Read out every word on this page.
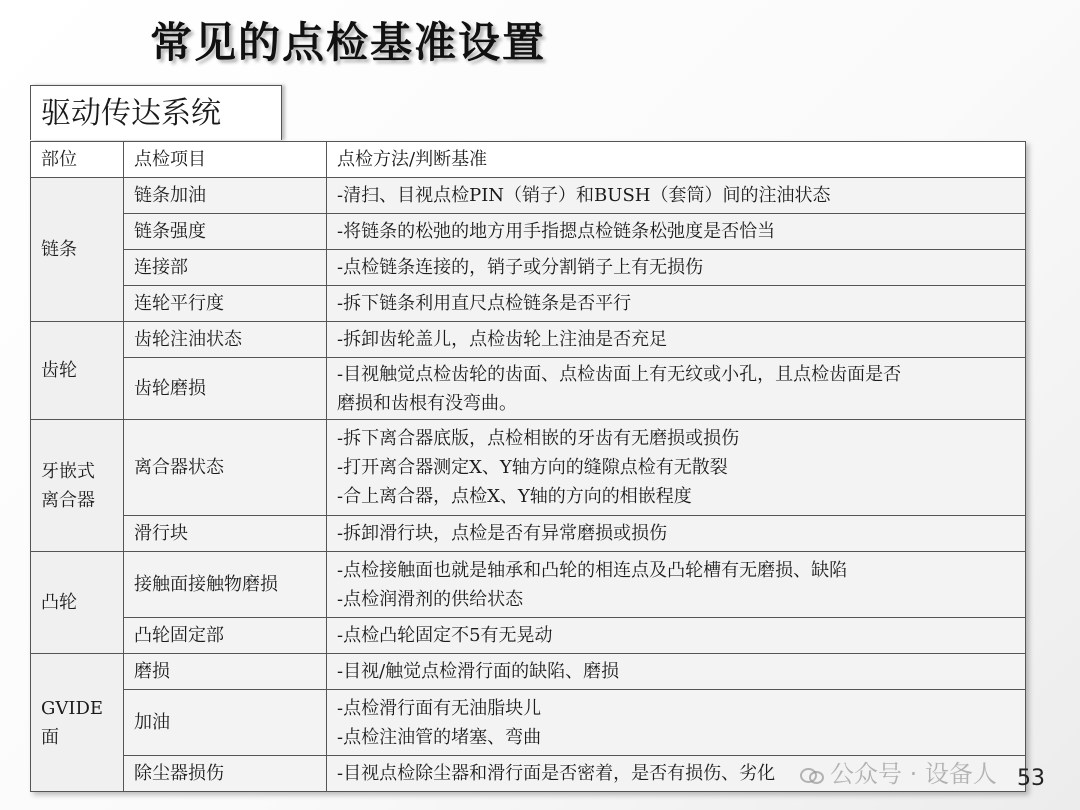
常见的点检基准设置
驱动传达系统
部位	点检项目	点检方法/判断基准
链条	链条加油	-清扫、目视点检PIN（销子）和BUSH（套筒）间的注油状态

	链条强度	-将链条的松弛的地方用手指摁点检链条松弛度是否恰当

	连接部	-点检链条连接的，销子或分割销子上有无损伤

	连轮平行度	-拆下链条利用直尺点检链条是否平行

齿轮	齿轮注油状态	-拆卸齿轮盖儿，点检齿轮上注油是否充足

	齿轮磨损	-目视触觉点检齿轮的齿面、点检齿面上有无纹或小孔，且点检齿面是否
磨损和齿根有没弯曲。

牙嵌式
离合器	离合器状态	-拆下离合器底版，点检相嵌的牙齿有无磨损或损伤
-打开离合器测定X、Y轴方向的缝隙点检有无散裂
-合上离合器，点检X、Y轴的方向的相嵌程度

	滑行块	-拆卸滑行块，点检是否有异常磨损或损伤

凸轮	接触面接触物磨损	-点检接触面也就是轴承和凸轮的相连点及凸轮槽有无磨损、缺陷
-点检润滑剂的供给状态

	凸轮固定部	-点检凸轮固定不5有无晃动

GVIDE
面	磨损	-目视/触觉点检滑行面的缺陷、磨损

	加油	-点检滑行面有无油脂块儿
-点检注油管的堵塞、弯曲

	除尘器损伤	-目视点检除尘器和滑行面是否密着，是否有损伤、劣化	公众号 · 设备人 53
